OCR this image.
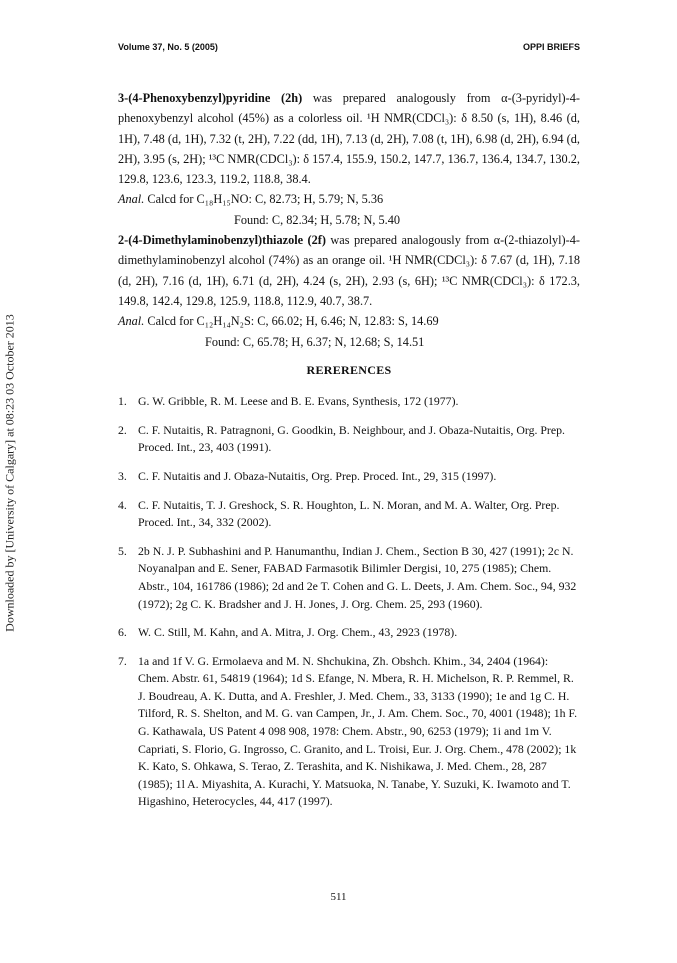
Volume 37, No. 5 (2005)	OPPI BRIEFS
Downloaded by [University of Calgary] at 08:23 03 October 2013
3-(4-Phenoxybenzyl)pyridine (2h) was prepared analogously from α-(3-pyridyl)-4-phenoxybenzyl alcohol (45%) as a colorless oil. ¹H NMR(CDCl₃): δ 8.50 (s, 1H), 8.46 (d, 1H), 7.48 (d, 1H), 7.32 (t, 2H), 7.22 (dd, 1H), 7.13 (d, 2H), 7.08 (t, 1H), 6.98 (d, 2H), 6.94 (d, 2H), 3.95 (s, 2H); ¹³C NMR(CDCl₃): δ 157.4, 155.9, 150.2, 147.7, 136.7, 136.4, 134.7, 130.2, 129.8, 123.6, 123.3, 119.2, 118.8, 38.4.
Anal. Calcd for C₁₈H₁₅NO: C, 82.73; H, 5.79; N, 5.36
Found: C, 82.34; H, 5.78; N, 5.40
2-(4-Dimethylaminobenzyl)thiazole (2f) was prepared analogously from α-(2-thiazolyl)-4-dimethylaminobenzyl alcohol (74%) as an orange oil. ¹H NMR(CDCl₃): δ 7.67 (d, 1H), 7.18 (d, 2H), 7.16 (d, 1H), 6.71 (d, 2H), 4.24 (s, 2H), 2.93 (s, 6H); ¹³C NMR(CDCl₃): δ 172.3, 149.8, 142.4, 129.8, 125.9, 118.8, 112.9, 40.7, 38.7.
Anal. Calcd for C₁₂H₁₄N₂S: C, 66.02; H, 6.46; N, 12.83: S, 14.69
Found: C, 65.78; H, 6.37; N, 12.68; S, 14.51
RERERENCES
1. G. W. Gribble, R. M. Leese and B. E. Evans, Synthesis, 172 (1977).
2. C. F. Nutaitis, R. Patragnoni, G. Goodkin, B. Neighbour, and J. Obaza-Nutaitis, Org. Prep. Proced. Int., 23, 403 (1991).
3. C. F. Nutaitis and J. Obaza-Nutaitis, Org. Prep. Proced. Int., 29, 315 (1997).
4. C. F. Nutaitis, T. J. Greshock, S. R. Houghton, L. N. Moran, and M. A. Walter, Org. Prep. Proced. Int., 34, 332 (2002).
5. 2b N. J. P. Subhashini and P. Hanumanthu, Indian J. Chem., Section B 30, 427 (1991); 2c N. Noyanalpan and E. Sener, FABAD Farmasotik Bilimler Dergisi, 10, 275 (1985); Chem. Abstr., 104, 161786 (1986); 2d and 2e T. Cohen and G. L. Deets, J. Am. Chem. Soc., 94, 932 (1972); 2g C. K. Bradsher and J. H. Jones, J. Org. Chem. 25, 293 (1960).
6. W. C. Still, M. Kahn, and A. Mitra, J. Org. Chem., 43, 2923 (1978).
7. 1a and 1f V. G. Ermolaeva and M. N. Shchukina, Zh. Obshch. Khim., 34, 2404 (1964): Chem. Abstr. 61, 54819 (1964); 1d S. Efange, N. Mbera, R. H. Michelson, R. P. Remmel, R. J. Boudreau, A. K. Dutta, and A. Freshler, J. Med. Chem., 33, 3133 (1990); 1e and 1g C. H. Tilford, R. S. Shelton, and M. G. van Campen, Jr., J. Am. Chem. Soc., 70, 4001 (1948); 1h F. G. Kathawala, US Patent 4 098 908, 1978: Chem. Abstr., 90, 6253 (1979); 1i and 1m V. Capriati, S. Florio, G. Ingrosso, C. Granito, and L. Troisi, Eur. J. Org. Chem., 478 (2002); 1k K. Kato, S. Ohkawa, S. Terao, Z. Terashita, and K. Nishikawa, J. Med. Chem., 28, 287 (1985); 1l A. Miyashita, A. Kurachi, Y. Matsuoka, N. Tanabe, Y. Suzuki, K. Iwamoto and T. Higashino, Heterocycles, 44, 417 (1997).
511
